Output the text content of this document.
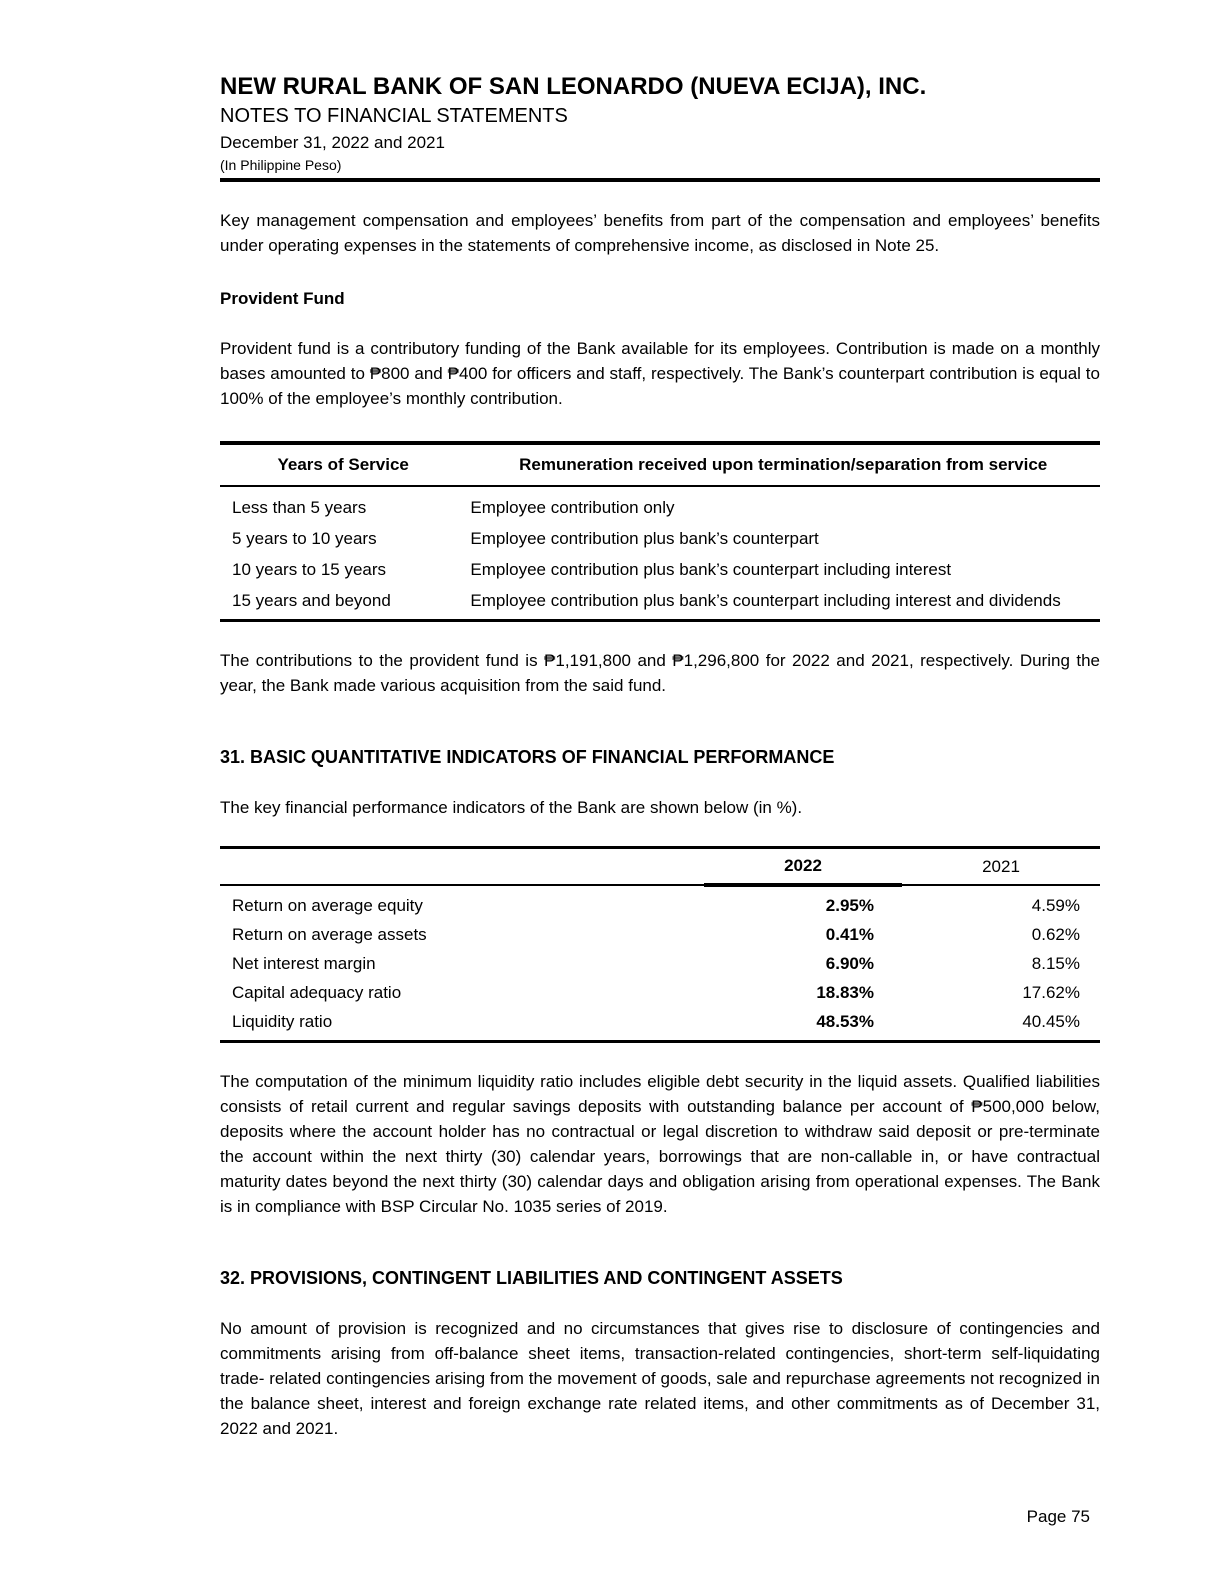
NEW RURAL BANK OF SAN LEONARDO (NUEVA ECIJA), INC.
NOTES TO FINANCIAL STATEMENTS
December 31, 2022 and 2021
(In Philippine Peso)

Key management compensation and employees’ benefits from part of the compensation and employees’ benefits under operating expenses in the statements of comprehensive income, as disclosed in Note 25.

Provident Fund

Provident fund is a contributory funding of the Bank available for its employees. Contribution is made on a monthly bases amounted to ₱800 and ₱400 for officers and staff, respectively. The Bank’s counterpart contribution is equal to 100% of the employee’s monthly contribution.

Years of Service	Remuneration received upon termination/separation from service
Less than 5 years	Employee contribution only
5 years to 10 years	Employee contribution plus bank’s counterpart
10 years to 15 years	Employee contribution plus bank’s counterpart including interest
15 years and beyond	Employee contribution plus bank’s counterpart including interest and dividends

The contributions to the provident fund is ₱1,191,800 and ₱1,296,800 for 2022 and 2021, respectively. During the year, the Bank made various acquisition from the said fund.

31. BASIC QUANTITATIVE INDICATORS OF FINANCIAL PERFORMANCE

The key financial performance indicators of the Bank are shown below (in %).

	2022	2021
Return on average equity	2.95%	4.59%
Return on average assets	0.41%	0.62%
Net interest margin	6.90%	8.15%
Capital adequacy ratio	18.83%	17.62%
Liquidity ratio	48.53%	40.45%

The computation of the minimum liquidity ratio includes eligible debt security in the liquid assets. Qualified liabilities consists of retail current and regular savings deposits with outstanding balance per account of ₱500,000 below, deposits where the account holder has no contractual or legal discretion to withdraw said deposit or pre-terminate the account within the next thirty (30) calendar years, borrowings that are non-callable in, or have contractual maturity dates beyond the next thirty (30) calendar days and obligation arising from operational expenses. The Bank is in compliance with BSP Circular No. 1035 series of 2019.

32. PROVISIONS, CONTINGENT LIABILITIES AND CONTINGENT ASSETS

No amount of provision is recognized and no circumstances that gives rise to disclosure of contingencies and commitments arising from off-balance sheet items, transaction-related contingencies, short-term self-liquidating trade- related contingencies arising from the movement of goods, sale and repurchase agreements not recognized in the balance sheet, interest and foreign exchange rate related items, and other commitments as of December 31, 2022 and 2021.

Page 75
